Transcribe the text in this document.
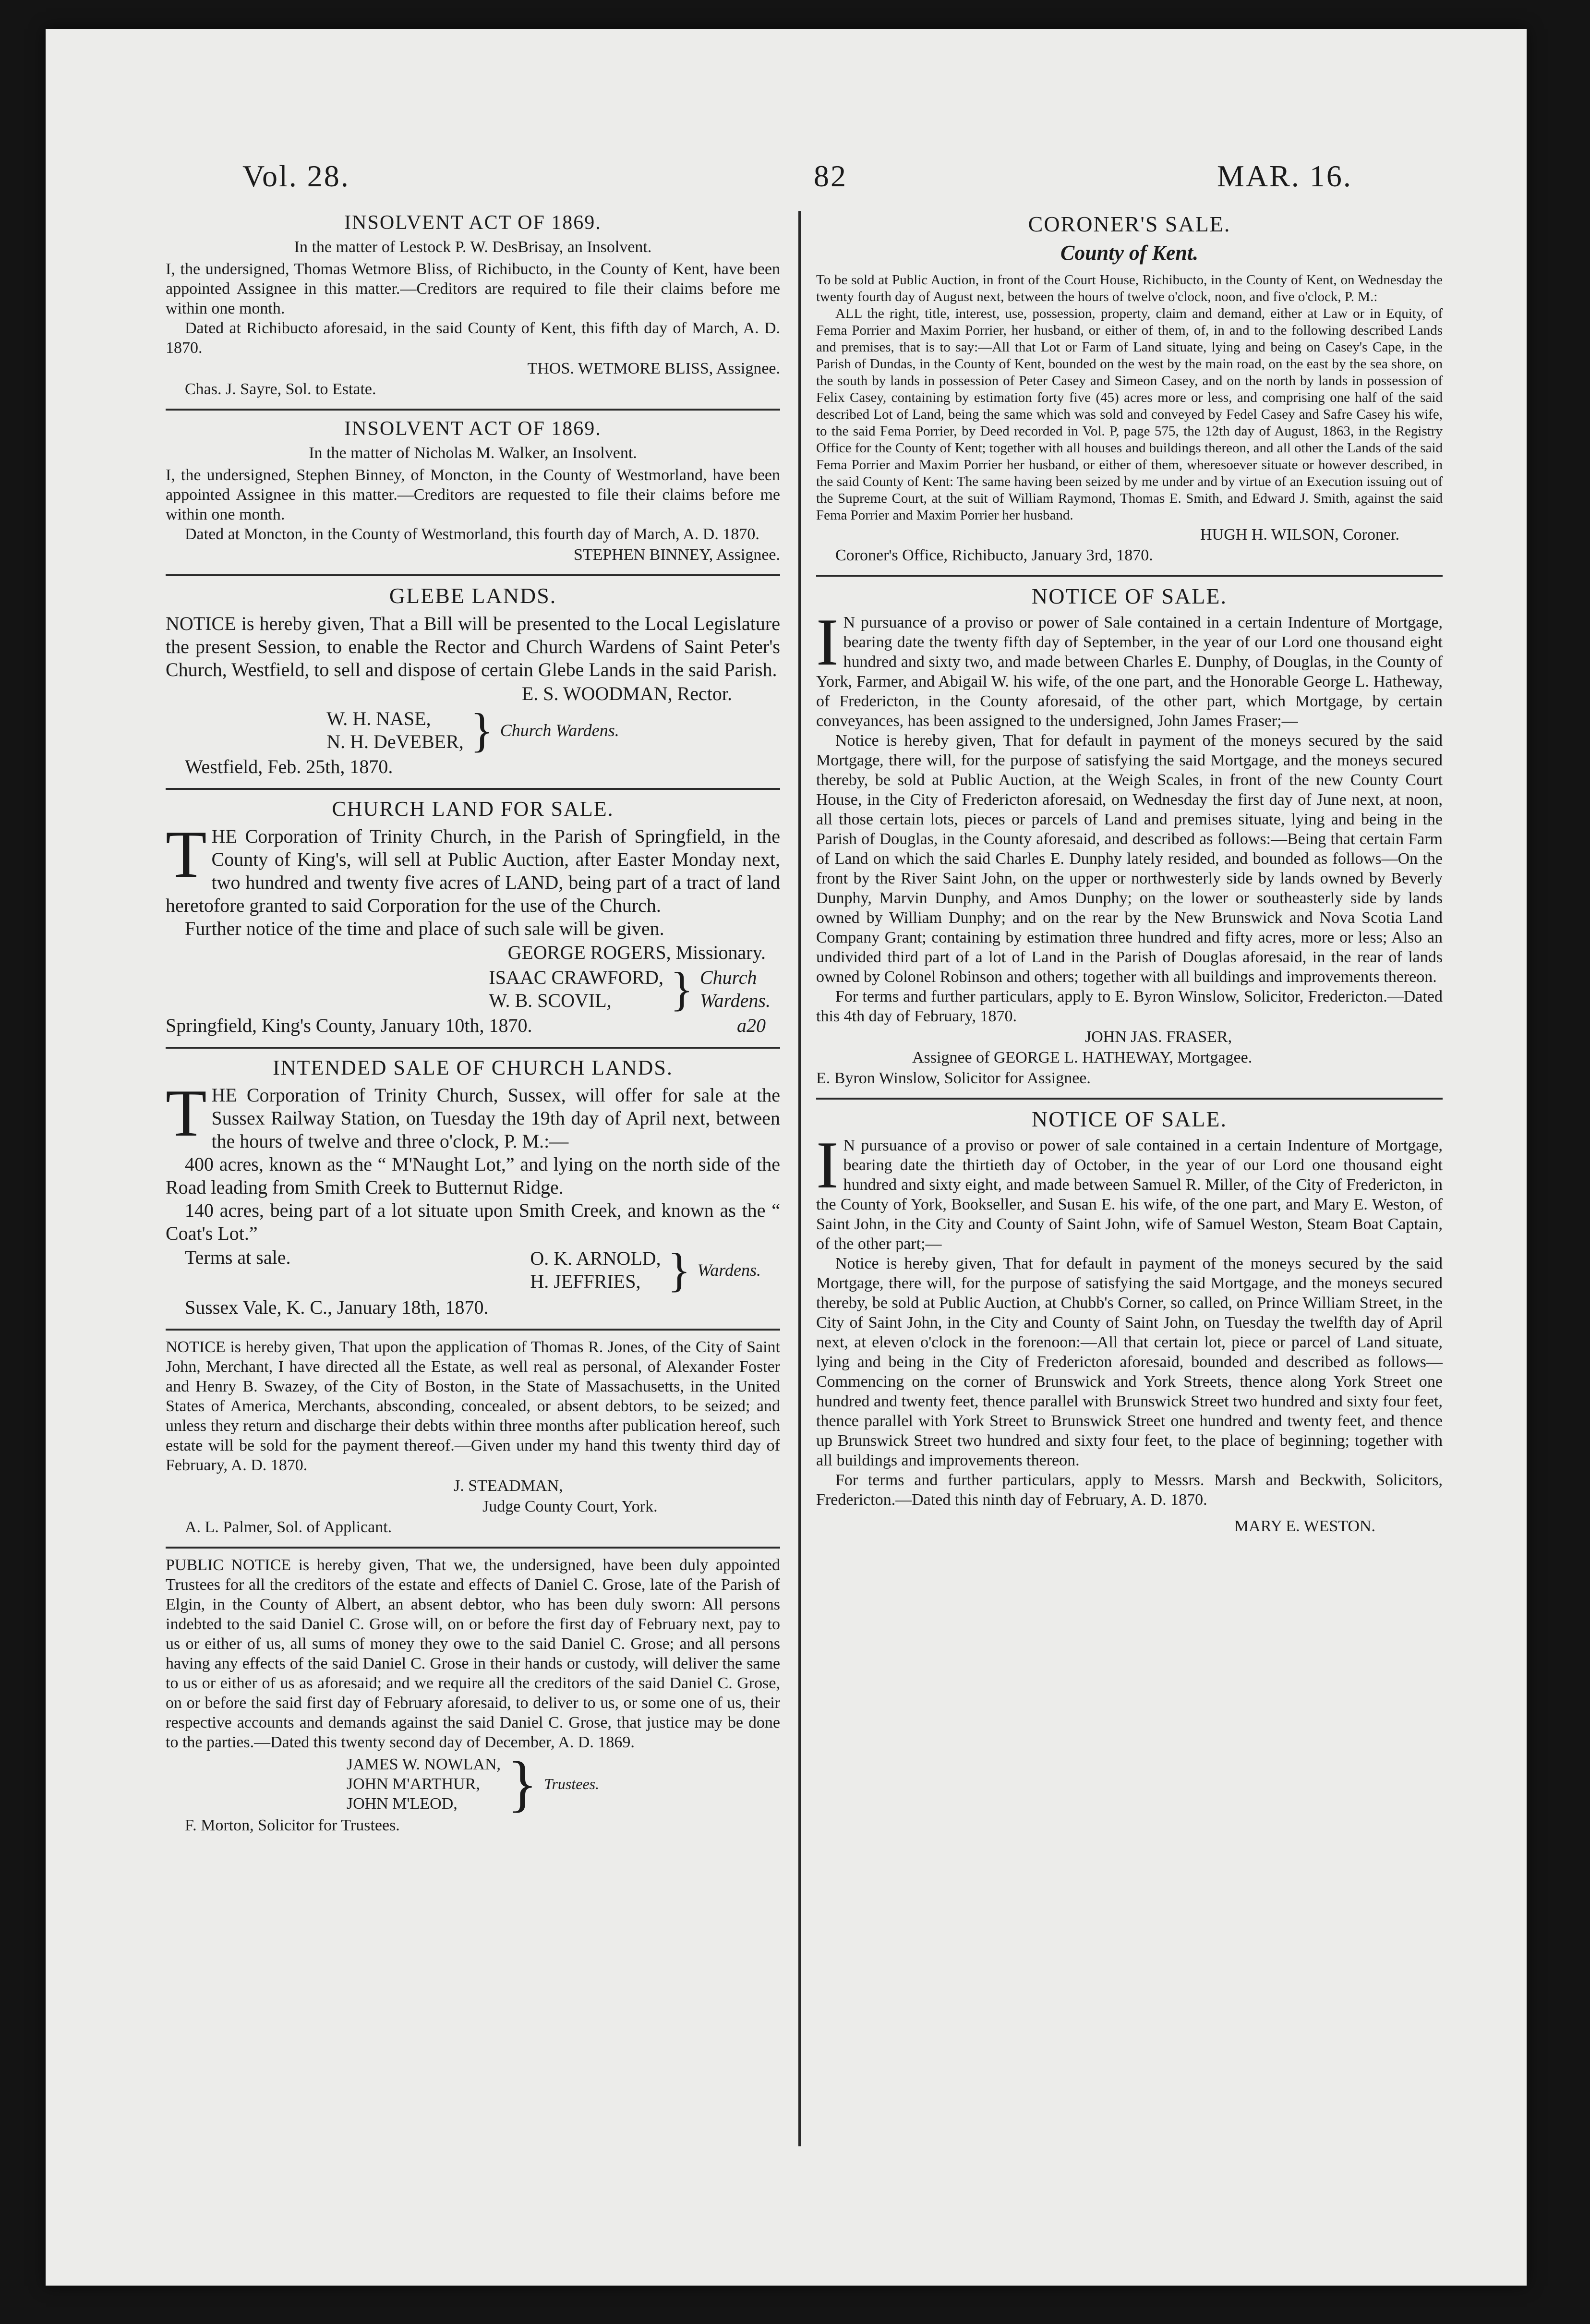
Vol. 28.	82	MAR. 16.
INSOLVENT ACT OF 1869.
In the matter of Lestock P. W. DesBrisay, an Insolvent.

I, the undersigned, Thomas Wetmore Bliss, of Richibucto, in the County of Kent, have been appointed Assignee in this matter.—Creditors are required to file their claims before me within one month.

Dated at Richibucto aforesaid, in the said County of Kent, this fifth day of March, A. D. 1870.

THOS. WETMORE BLISS, Assignee.
Chas. J. Sayre, Sol. to Estate.
INSOLVENT ACT OF 1869.
In the matter of Nicholas M. Walker, an Insolvent.

I, the undersigned, Stephen Binney, of Moncton, in the County of Westmorland, have been appointed Assignee in this matter.—Creditors are requested to file their claims before me within one month.

Dated at Moncton, in the County of Westmorland, this fourth day of March, A. D. 1870.

STEPHEN BINNEY, Assignee.
GLEBE LANDS.

NOTICE is hereby given, That a Bill will be presented to the Local Legislature the present Session, to enable the Rector and Church Wardens of Saint Peter's Church, Westfield, to sell and dispose of certain Glebe Lands in the said Parish.

E. S. WOODMAN, Rector.
W. H. NASE,
N. H. DeVEBER, } Church Wardens.
Westfield, Feb. 25th, 1870.
CHURCH LAND FOR SALE.

THE Corporation of Trinity Church, in the Parish of Springfield, in the County of King's, will sell at Public Auction, after Easter Monday next, two hundred and twenty five acres of LAND, being part of a tract of land heretofore granted to said Corporation for the use of the Church.

Further notice of the time and place of such sale will be given.

GEORGE ROGERS, Missionary.
ISAAC CRAWFORD,
W. B. SCOVIL,	} Church
Wardens.
Springfield, King's County, January 10th, 1870.	a20
INTENDED SALE OF CHURCH LANDS.

THE Corporation of Trinity Church, Sussex, will offer for sale at the Sussex Railway Station, on Tuesday the 19th day of April next, between the hours of twelve and three o'clock, P. M.:—

400 acres, known as the “ M'Naught Lot,” and lying on the north side of the Road leading from Smith Creek to Butternut Ridge.

140 acres, being part of a lot situate upon Smith Creek, and known as the “ Coat's Lot.”

Terms at sale.	O. K. ARNOLD,
H. JEFFRIES, } Wardens.
Sussex Vale, K. C., January 18th, 1870.

NOTICE is hereby given, That upon the application of Thomas R. Jones, of the City of Saint John, Merchant, I have directed all the Estate, as well real as personal, of Alexander Foster and Henry B. Swazey, of the City of Boston, in the State of Massachusetts, in the United States of America, Merchants, absconding, concealed, or absent debtors, to be seized; and unless they return and discharge their debts within three months after publication hereof, such estate will be sold for the payment thereof.—Given under my hand this twenty third day of February, A. D. 1870.

J. STEADMAN,
Judge County Court, York.
A. L. Palmer, Sol. of Applicant.

PUBLIC NOTICE is hereby given, That we, the undersigned, have been duly appointed Trustees for all the creditors of the estate and effects of Daniel C. Grose, late of the Parish of Elgin, in the County of Albert, an absent debtor, who has been duly sworn: All persons indebted to the said Daniel C. Grose will, on or before the first day of February next, pay to us or either of us, all sums of money they owe to the said Daniel C. Grose; and all persons having any effects of the said Daniel C. Grose in their hands or custody, will deliver the same to us or either of us as aforesaid; and we require all the creditors of the said Daniel C. Grose, on or before the said first day of February aforesaid, to deliver to us, or some one of us, their respective accounts and demands against the said Daniel C. Grose, that justice may be done to the parties.—Dated this twenty second day of December, A. D. 1869.

JAMES W. NOWLAN,
JOHN M'ARTHUR,
JOHN M'LEOD, } Trustees.
F. Morton, Solicitor for Trustees.
CORONER'S SALE.
County of Kent.

To be sold at Public Auction, in front of the Court House, Richibucto, in the County of Kent, on Wednesday the twenty fourth day of August next, between the hours of twelve o'clock, noon, and five o'clock, P. M.:

ALL the right, title, interest, use, possession, property, claim and demand, either at Law or in Equity, of Fema Porrier and Maxim Porrier, her husband, or either of them, of, in and to the following described Lands and premises, that is to say:—All that Lot or Farm of Land situate, lying and being on Casey's Cape, in the Parish of Dundas, in the County of Kent, bounded on the west by the main road, on the east by the sea shore, on the south by lands in possession of Peter Casey and Simeon Casey, and on the north by lands in possession of Felix Casey, containing by estimation forty five (45) acres more or less, and comprising one half of the said described Lot of Land, being the same which was sold and conveyed by Fedel Casey and Safre Casey his wife, to the said Fema Porrier, by Deed recorded in Vol. P, page 575, the 12th day of August, 1863, in the Registry Office for the County of Kent; together with all houses and buildings thereon, and all other the Lands of the said Fema Porrier and Maxim Porrier her husband, or either of them, wheresoever situate or however described, in the said County of Kent: The same having been seized by me under and by virtue of an Execution issuing out of the Supreme Court, at the suit of William Raymond, Thomas E. Smith, and Edward J. Smith, against the said Fema Porrier and Maxim Porrier her husband.

HUGH H. WILSON, Coroner.
Coroner's Office, Richibucto, January 3rd, 1870.
NOTICE OF SALE.

IN pursuance of a proviso or power of Sale contained in a certain Indenture of Mortgage, bearing date the twenty fifth day of September, in the year of our Lord one thousand eight hundred and sixty two, and made between Charles E. Dunphy, of Douglas, in the County of York, Farmer, and Abigail W. his wife, of the one part, and the Honorable George L. Hatheway, of Fredericton, in the County aforesaid, of the other part, which Mortgage, by certain conveyances, has been assigned to the undersigned, John James Fraser;—

Notice is hereby given, That for default in payment of the moneys secured by the said Mortgage, there will, for the purpose of satisfying the said Mortgage, and the moneys secured thereby, be sold at Public Auction, at the Weigh Scales, in front of the new County Court House, in the City of Fredericton aforesaid, on Wednesday the first day of June next, at noon, all those certain lots, pieces or parcels of Land and premises situate, lying and being in the Parish of Douglas, in the County aforesaid, and described as follows:—Being that certain Farm of Land on which the said Charles E. Dunphy lately resided, and bounded as follows—On the front by the River Saint John, on the upper or northwesterly side by lands owned by Beverly Dunphy, Marvin Dunphy, and Amos Dunphy; on the lower or southeasterly side by lands owned by William Dunphy; and on the rear by the New Brunswick and Nova Scotia Land Company Grant; containing by estimation three hundred and fifty acres, more or less; Also an undivided third part of a lot of Land in the Parish of Douglas aforesaid, in the rear of lands owned by Colonel Robinson and others; together with all buildings and improvements thereon.

For terms and further particulars, apply to E. Byron Winslow, Solicitor, Fredericton.—Dated this 4th day of February, 1870.

JOHN JAS. FRASER,
Assignee of GEORGE L. HATHEWAY, Mortgagee.
E. Byron Winslow, Solicitor for Assignee.
NOTICE OF SALE.

IN pursuance of a proviso or power of sale contained in a certain Indenture of Mortgage, bearing date the thirtieth day of October, in the year of our Lord one thousand eight hundred and sixty eight, and made between Samuel R. Miller, of the City of Fredericton, in the County of York, Bookseller, and Susan E. his wife, of the one part, and Mary E. Weston, of Saint John, in the City and County of Saint John, wife of Samuel Weston, Steam Boat Captain, of the other part;—

Notice is hereby given, That for default in payment of the moneys secured by the said Mortgage, there will, for the purpose of satisfying the said Mortgage, and the moneys secured thereby, be sold at Public Auction, at Chubb's Corner, so called, on Prince William Street, in the City of Saint John, in the City and County of Saint John, on Tuesday the twelfth day of April next, at eleven o'clock in the forenoon:—All that certain lot, piece or parcel of Land situate, lying and being in the City of Fredericton aforesaid, bounded and described as follows—Commencing on the corner of Brunswick and York Streets, thence along York Street one hundred and twenty feet, thence parallel with Brunswick Street two hundred and sixty four feet, thence parallel with York Street to Brunswick Street one hundred and twenty feet, and thence up Brunswick Street two hundred and sixty four feet, to the place of beginning; together with all buildings and improvements thereon.

For terms and further particulars, apply to Messrs. Marsh and Beckwith, Solicitors, Fredericton.—Dated this ninth day of February, A. D. 1870.

MARY E. WESTON.
